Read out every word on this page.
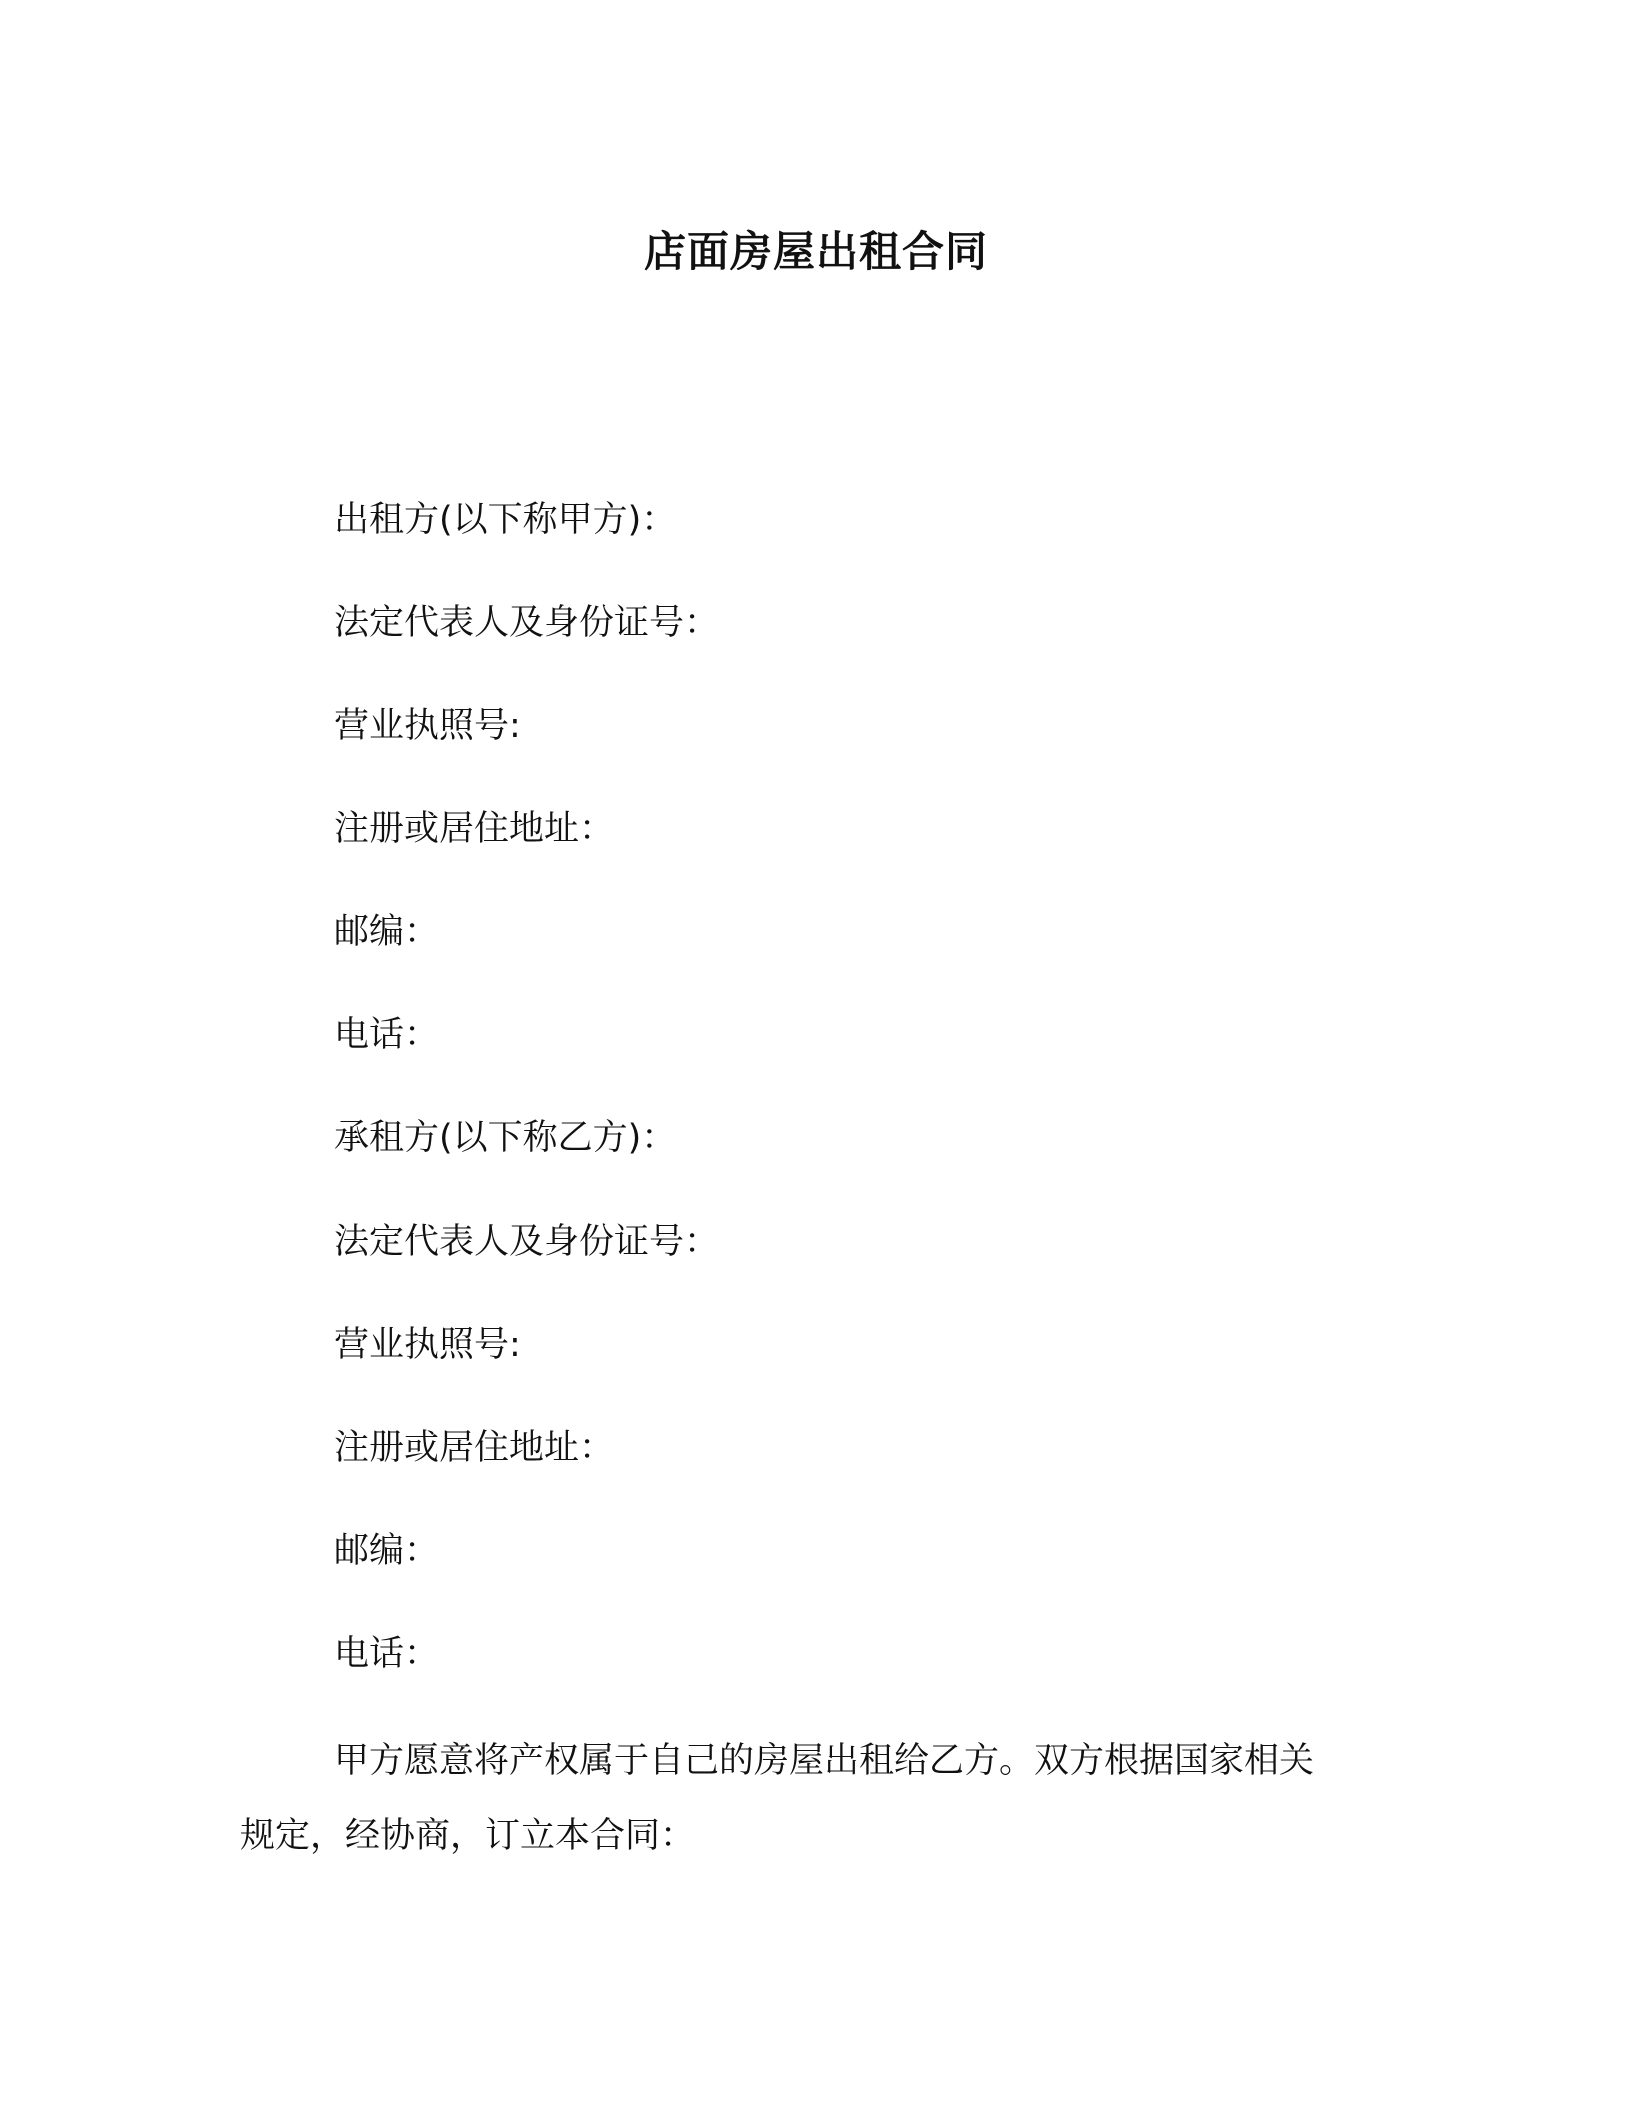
店面房屋出租合同
出租方(以下称甲方)：
法定代表人及身份证号：
营业执照号:
注册或居住地址：
邮编：
电话：
承租方(以下称乙方)：
法定代表人及身份证号：
营业执照号:
注册或居住地址：
邮编：
电话：
甲方愿意将产权属于自己的房屋出租给乙方。双方根据国家相关
规定，经协商，订立本合同：
